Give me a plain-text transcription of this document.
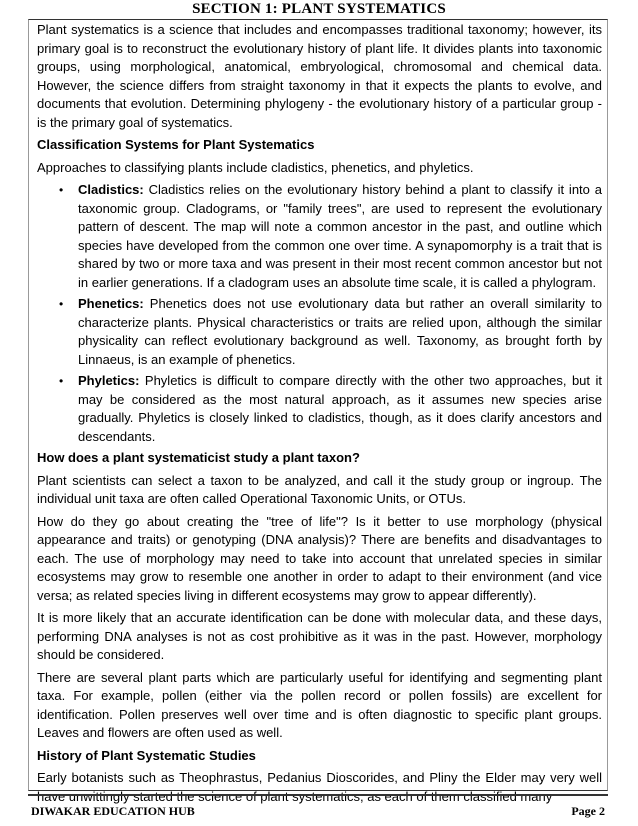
SECTION 1: PLANT SYSTEMATICS

Plant systematics is a science that includes and encompasses traditional taxonomy; however, its primary goal is to reconstruct the evolutionary history of plant life. It divides plants into taxonomic groups, using morphological, anatomical, embryological, chromosomal and chemical data. However, the science differs from straight taxonomy in that it expects the plants to evolve, and documents that evolution. Determining phylogeny - the evolutionary history of a particular group - is the primary goal of systematics.

Classification Systems for Plant Systematics

Approaches to classifying plants include cladistics, phenetics, and phyletics.

• Cladistics: Cladistics relies on the evolutionary history behind a plant to classify it into a taxonomic group. Cladograms, or "family trees", are used to represent the evolutionary pattern of descent. The map will note a common ancestor in the past, and outline which species have developed from the common one over time. A synapomorphy is a trait that is shared by two or more taxa and was present in their most recent common ancestor but not in earlier generations. If a cladogram uses an absolute time scale, it is called a phylogram.
• Phenetics: Phenetics does not use evolutionary data but rather an overall similarity to characterize plants. Physical characteristics or traits are relied upon, although the similar physicality can reflect evolutionary background as well. Taxonomy, as brought forth by Linnaeus, is an example of phenetics.
• Phyletics: Phyletics is difficult to compare directly with the other two approaches, but it may be considered as the most natural approach, as it assumes new species arise gradually. Phyletics is closely linked to cladistics, though, as it does clarify ancestors and descendants.
How does a plant systematicist study a plant taxon?

Plant scientists can select a taxon to be analyzed, and call it the study group or ingroup. The individual unit taxa are often called Operational Taxonomic Units, or OTUs.

How do they go about creating the "tree of life"? Is it better to use morphology (physical appearance and traits) or genotyping (DNA analysis)? There are benefits and disadvantages to each. The use of morphology may need to take into account that unrelated species in similar ecosystems may grow to resemble one another in order to adapt to their environment (and vice versa; as related species living in different ecosystems may grow to appear differently).

It is more likely that an accurate identification can be done with molecular data, and these days, performing DNA analyses is not as cost prohibitive as it was in the past. However, morphology should be considered.

There are several plant parts which are particularly useful for identifying and segmenting plant taxa. For example, pollen (either via the pollen record or pollen fossils) are excellent for identification. Pollen preserves well over time and is often diagnostic to specific plant groups. Leaves and flowers are often used as well.

History of Plant Systematic Studies

Early botanists such as Theophrastus, Pedanius Dioscorides, and Pliny the Elder may very well have unwittingly started the science of plant systematics, as each of them classified many

DIWAKAR EDUCATION HUB	Page 2
